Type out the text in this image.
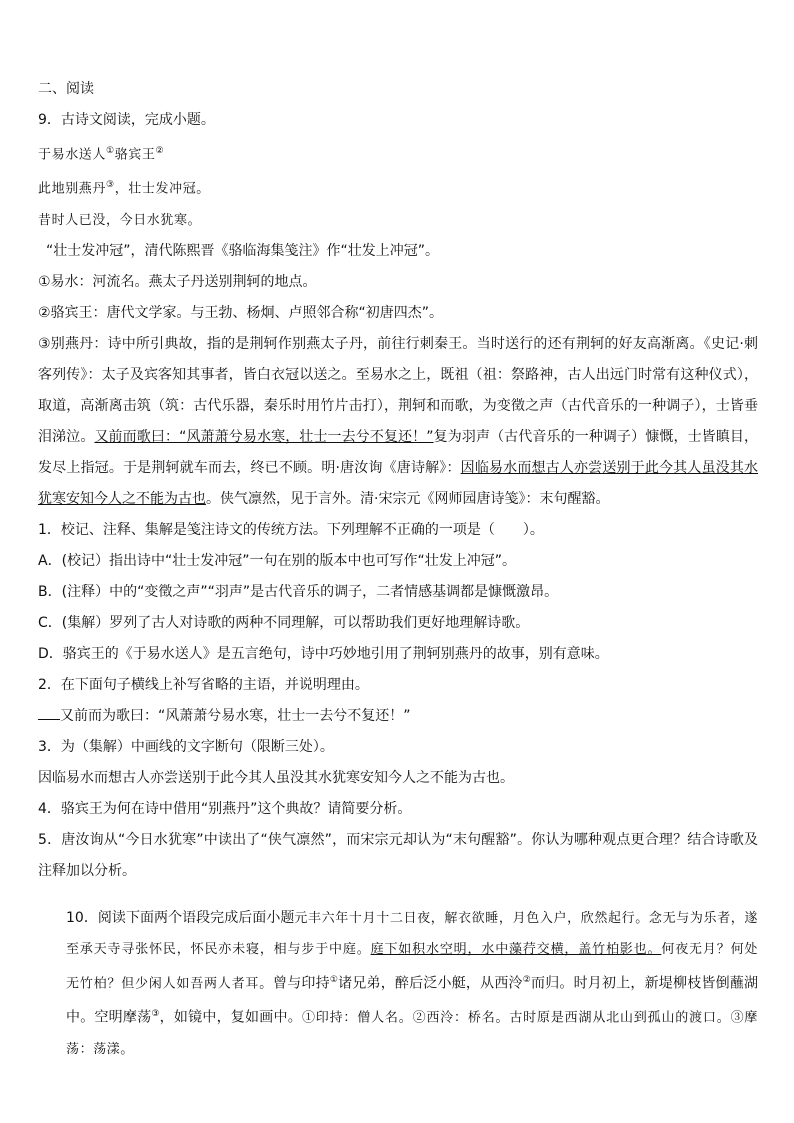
二、阅读
9．古诗文阅读，完成小题。
于易水送人①骆宾王②
此地别燕丹③，壮士发冲冠。
昔时人已没，今日水犹寒。
“壮士发冲冠”，清代陈熙晋《骆临海集笺注》作“壮发上冲冠”。
①易水：河流名。燕太子丹送别荆轲的地点。
②骆宾王：唐代文学家。与王勃、杨炯、卢照邻合称“初唐四杰”。
③别燕丹：诗中所引典故，指的是荆轲作别燕太子丹，前往行刺秦王。当时送行的还有荆轲的好友高渐离。《史记·刺客列传》：太子及宾客知其事者，皆白衣冠以送之。至易水之上，既祖（祖：祭路神，古人出远门时常有这种仪式），取道，高渐离击筑（筑：古代乐器，秦乐时用竹片击打），荆轲和而歌，为变徵之声（古代音乐的一种调子），士皆垂泪涕泣。又前而歌曰：“风萧萧兮易水寒，壮士一去兮不复还！”复为羽声（古代音乐的一种调子）慷慨，士皆瞋目，发尽上指冠。于是荆轲就车而去，终已不顾。明·唐汝询《唐诗解》：因临易水而想古人亦尝送别于此今其人虽没其水犹寒安知今人之不能为古也。侠气凛然，见于言外。清·宋宗元《网师园唐诗笺》：末句醒豁。
1．校记、注释、集解是笺注诗文的传统方法。下列理解不正确的一项是（　　）。
A．(校记）指出诗中“壮士发冲冠”一句在别的版本中也可写作“壮发上冲冠”。
B．(注释）中的“变徵之声”“羽声”是古代音乐的调子，二者情感基调都是慷慨激昂。
C．(集解）罗列了古人对诗歌的两种不同理解，可以帮助我们更好地理解诗歌。
D．骆宾王的《于易水送人》是五言绝句，诗中巧妙地引用了荆轲别燕丹的故事，别有意味。
2．在下面句子横线上补写省略的主语，并说明理由。
又前而为歌曰：“风萧萧兮易水寒，壮士一去兮不复还！”
3．为（集解）中画线的文字断句（限断三处）。
因临易水而想古人亦尝送别于此今其人虽没其水犹寒安知今人之不能为古也。
4．骆宾王为何在诗中借用“别燕丹”这个典故？请简要分析。
5．唐汝询从“今日水犹寒”中读出了“侠气凛然”，而宋宗元却认为“末句醒豁”。你认为哪种观点更合理？结合诗歌及注释加以分析。
10．阅读下面两个语段完成后面小题元丰六年十月十二日夜，解衣欲睡，月色入户，欣然起行。念无与为乐者，遂至承天寺寻张怀民，怀民亦未寝，相与步于中庭。庭下如积水空明，水中藻荇交横，盖竹柏影也。何夜无月？何处无竹柏？但少闲人如吾两人者耳。曾与印持①诸兄弟，醉后泛小艇，从西泠②而归。时月初上，新堤柳枝皆倒蘸湖中。空明摩荡③，如镜中，复如画中。①印持：僧人名。②西泠：桥名。古时原是西湖从北山到孤山的渡口。③摩荡：荡漾。
